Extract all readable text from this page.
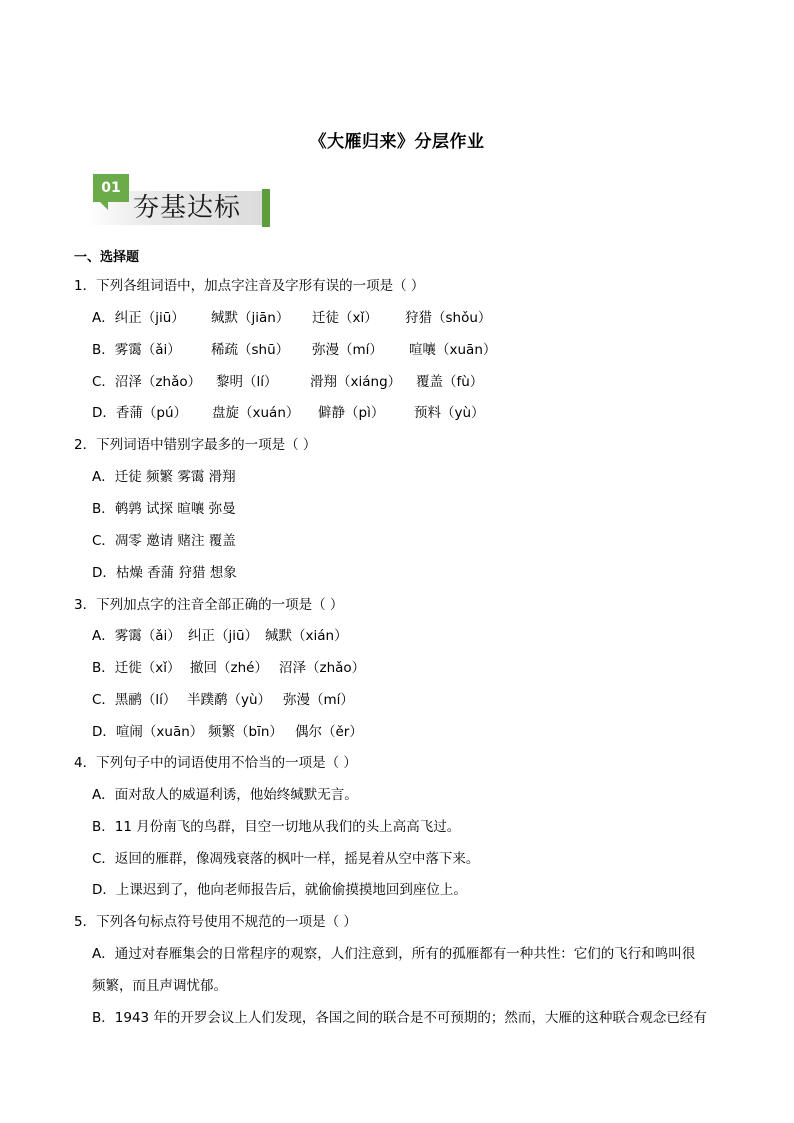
《大雁归来》分层作业
01
夯基达标
一、选择题
1．下列各组词语中，加点字注音及字形有误的一项是（ ）
A．纠正（jiū） 缄默（jiān） 迁徒（xǐ） 狩猎（shǒu）
B．雾霭（ǎi） 稀疏（shū） 弥漫（mí） 喧嚷（xuān）
C．沼泽（zhǎo） 黎明（lí） 滑翔（xiáng） 覆盖（fù）
D．香蒲（pú） 盘旋（xuán） 僻静（pì） 预料（yù）
2．下列词语中错别字最多的一项是（ ）
A．迁徒 频繁 雾霭 滑翔
B．鹌鹑 试探 暄嚷 弥曼
C．凋零 邀请 赌注 覆盖
D．枯燥 香蒲 狩猎 想象
3．下列加点字的注音全部正确的一项是（ ）
A．雾霭（ǎi） 纠正（jiū） 缄默（xián）
B．迁徙（xǐ） 撤回（zhé） 沼泽（zhǎo）
C．黑鹂（lí） 半蹼鹬（yù） 弥漫（mí）
D．喧闹（xuān） 频繁（bīn） 偶尔（ěr）
4．下列句子中的词语使用不恰当的一项是（ ）
A．面对敌人的威逼利诱，他始终缄默无言。
B．11 月份南飞的鸟群，目空一切地从我们的头上高高飞过。
C．返回的雁群，像凋残衰落的枫叶一样，摇晃着从空中落下来。
D．上课迟到了，他向老师报告后，就偷偷摸摸地回到座位上。
5．下列各句标点符号使用不规范的一项是（ ）
A．通过对春雁集会的日常程序的观察，人们注意到，所有的孤雁都有一种共性：它们的飞行和鸣叫很
频繁，而且声调忧郁。
B．1943 年的开罗会议上人们发现，各国之间的联合是不可预期的；然而，大雁的这种联合观念已经有
